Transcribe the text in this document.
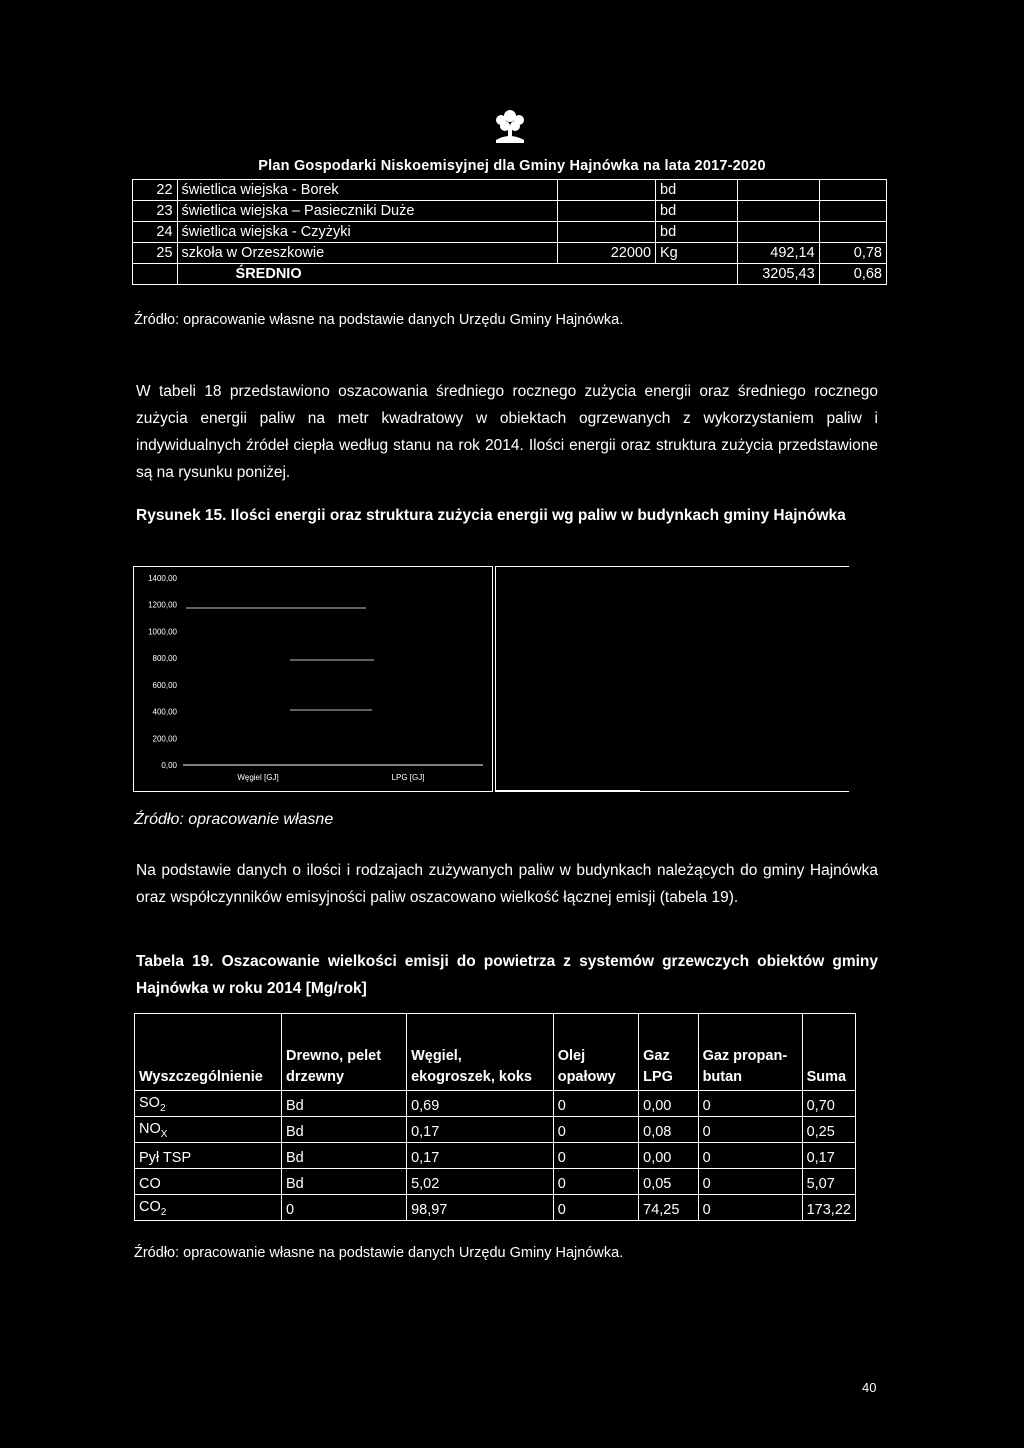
Plan Gospodarki Niskoemisyjnej dla Gminy Hajnówka na lata 2017-2020
22	świetlica wiejska - Borek		bd		
23	świetlica wiejska – Pasieczniki Duże		bd		
24	świetlica wiejska - Czyżyki		bd		
25	szkoła w Orzeszkowie	22000	Kg	492,14	0,78
	ŚREDNIO			3205,43	0,68
Źródło: opracowanie własne na podstawie danych Urzędu Gminy Hajnówka.
W tabeli 18 przedstawiono oszacowania średniego rocznego zużycia energii oraz średniego rocznego zużycia energii paliw na metr kwadratowy w obiektach ogrzewanych z wykorzystaniem paliw i indywidualnych źródeł ciepła według stanu na rok 2014. Ilości energii oraz struktura zużycia przedstawione są na rysunku poniżej.
Rysunek 15. Ilości energii oraz struktura zużycia energii wg paliw w budynkach gminy Hajnówka
0,00
200,00
400,00
600,00
800,00
1000,00
1200,00
1400,00
Węgiel [GJ]	LPG [GJ]
Źródło: opracowanie własne
Na podstawie danych o ilości i rodzajach zużywanych paliw w budynkach należących do gminy Hajnówka oraz współczynników emisyjności paliw oszacowano wielkość łącznej emisji (tabela 19).
Tabela 19. Oszacowanie wielkości emisji do powietrza z systemów grzewczych obiektów gminy Hajnówka w roku 2014 [Mg/rok]
Wyszczególnienie	Drewno, pelet drzewny	Węgiel, ekogroszek, koks	Olej opałowy	Gaz LPG	Gaz propan-butan	Suma
$SO_2$	Bd	0,69	0	0,00	0	0,70
$NO_X$	Bd	0,17	0	0,08	0	0,25
Pył TSP	Bd	0,17	0	0,00	0	0,17
CO	Bd	5,02	0	0,05	0	5,07
$CO_2$	0	98,97	0	74,25	0	173,22
Źródło: opracowanie własne na podstawie danych Urzędu Gminy Hajnówka.
40
